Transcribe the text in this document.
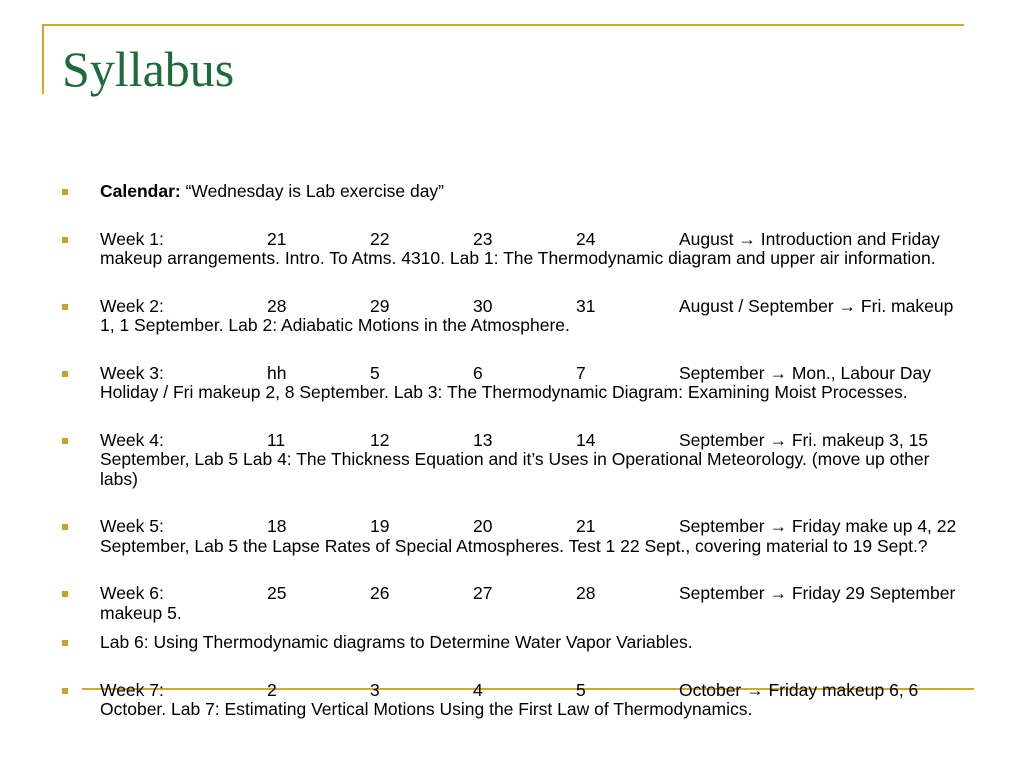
Syllabus
Calendar: “Wednesday is Lab exercise day”
Week 1:	21	22	23	24	August → Introduction and Friday makeup arrangements. Intro. To Atms. 4310. Lab 1: The Thermodynamic diagram and upper air information.
Week 2:	28	29	30	31	August / September → Fri. makeup 1, 1 September. Lab 2: Adiabatic Motions in the Atmosphere.
Week 3:	hh	5	6	7	September → Mon., Labour Day Holiday / Fri makeup 2, 8 September. Lab 3: The Thermodynamic Diagram: Examining Moist Processes.
Week 4:	11	12	13	14	September → Fri. makeup 3, 15 September, Lab 5 Lab 4: The Thickness Equation and it’s Uses in Operational Meteorology. (move up other labs)
Week 5:	18	19	20	21	September → Friday make up 4, 22 September, Lab 5 the Lapse Rates of Special Atmospheres. Test 1 22 Sept., covering material to 19 Sept.?
Week 6:	25	26	27	28	September → Friday 29 September makeup 5.
Lab 6: Using Thermodynamic diagrams to Determine Water Vapor Variables.
Week 7:	2	3	4	5	October → Friday makeup 6, 6 October. Lab 7: Estimating Vertical Motions Using the First Law of Thermodynamics.
